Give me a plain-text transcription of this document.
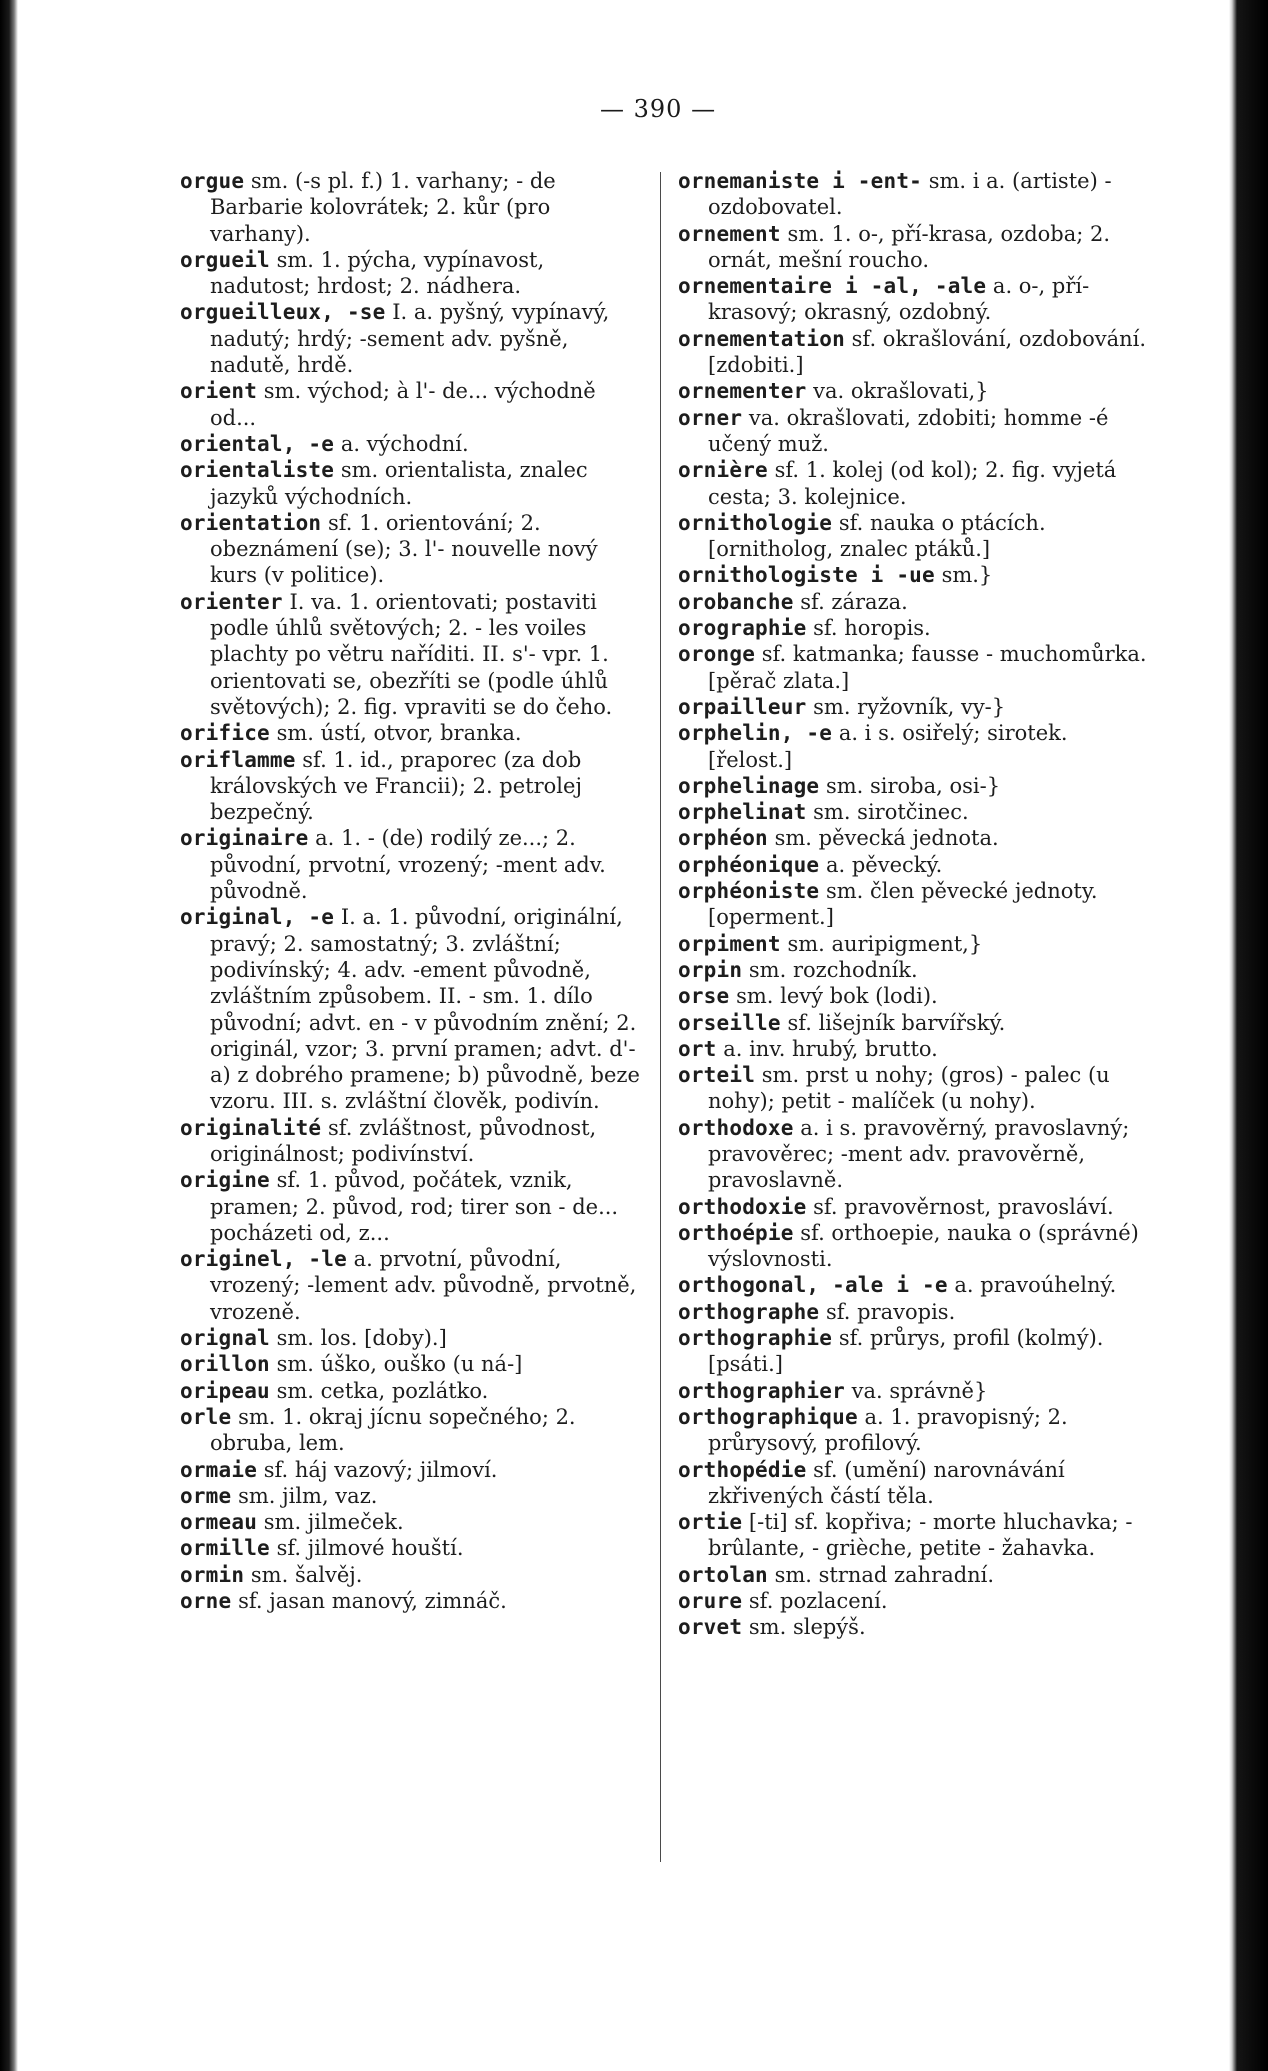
— 390 —

orgue sm. (-s pl. f.) 1. varhany; - de Barbarie kolovrátek; 2. kůr (pro varhany).

orgueil sm. 1. pýcha, vypínavost, nadutost; hrdost; 2. nádhera.

orgueilleux, -se I. a. pyšný, vypínavý, nadutý; hrdý; -sement adv. pyšně, nadutě, hrdě.

orient sm. východ; à l'- de... východně od...

oriental, -e a. východní.

orientaliste sm. orientalista, znalec jazyků východních.

orientation sf. 1. orientování; 2. obeznámení (se); 3. l'- nouvelle nový kurs (v politice).

orienter I. va. 1. orientovati; postaviti podle úhlů světových; 2. - les voiles plachty po větru naříditi. II. s'- vpr. 1. orientovati se, obezříti se (podle úhlů světových); 2. fig. vpraviti se do čeho.

orifice sm. ústí, otvor, branka.

oriflamme sf. 1. id., praporec (za dob královských ve Francii); 2. petrolej bezpečný.

originaire a. 1. - (de) rodilý ze...; 2. původní, prvotní, vrozený; -ment adv. původně.

original, -e I. a. 1. původní, originální, pravý; 2. samostatný; 3. zvláštní; podivínský; 4. adv. -ement původně, zvláštním způsobem. II. - sm. 1. dílo původní; advt. en - v původním znění; 2. originál, vzor; 3. první pramen; advt. d'- a) z dobrého pramene; b) původně, beze vzoru. III. s. zvláštní člověk, podivín.

originalité sf. zvláštnost, původnost, originálnost; podivínství.

origine sf. 1. původ, počátek, vznik, pramen; 2. původ, rod; tirer son - de... pocházeti od, z...

originel, -le a. prvotní, původní, vrozený; -lement adv. původně, prvotně, vrozeně.

orignal sm. los. [doby).]

orillon sm. úško, ouško (u ná-]

oripeau sm. cetka, pozlátko.

orle sm. 1. okraj jícnu sopečného; 2. obruba, lem.

ormaie sf. háj vazový; jilmoví.

orme sm. jilm, vaz.

ormeau sm. jilmeček.

ormille sf. jilmové houští.

ormin sm. šalvěj.

orne sf. jasan manový, zimnáč.

ornemaniste i -ent- sm. i a. (artiste) - ozdobovatel.

ornement sm. 1. o-, pří-krasa, ozdoba; 2. ornát, mešní roucho.

ornementaire i -al, -ale a. o-, pří-krasový; okrasný, ozdobný.

ornementation sf. okrašlování, ozdobování. [zdobiti.]

ornementer va. okrašlovati,}

orner va. okrašlovati, zdobiti; homme -é učený muž.

ornière sf. 1. kolej (od kol); 2. fig. vyjetá cesta; 3. kolejnice.

ornithologie sf. nauka o ptácích. [ornitholog, znalec ptáků.]

ornithologiste i -ue sm.}

orobanche sf. záraza.

orographie sf. horopis.

oronge sf. katmanka; fausse - muchomůrka. [pěrač zlata.]

orpailleur sm. ryžovník, vy-}

orphelin, -e a. i s. osiřelý; sirotek. [řelost.]

orphelinage sm. siroba, osi-}

orphelinat sm. sirotčinec.

orphéon sm. pěvecká jednota.

orphéonique a. pěvecký.

orphéoniste sm. člen pěvecké jednoty. [operment.]

orpiment sm. auripigment,}

orpin sm. rozchodník.

orse sm. levý bok (lodi).

orseille sf. lišejník barvířský.

ort a. inv. hrubý, brutto.

orteil sm. prst u nohy; (gros) - palec (u nohy); petit - malíček (u nohy).

orthodoxe a. i s. pravověrný, pravoslavný; pravověrec; -ment adv. pravověrně, pravoslavně.

orthodoxie sf. pravověrnost, pravosláví.

orthoépie sf. orthoepie, nauka o (správné) výslovnosti.

orthogonal, -ale i -e a. pravoúhelný.

orthographe sf. pravopis.

orthographie sf. průrys, profil (kolmý). [psáti.]

orthographier va. správně}

orthographique a. 1. pravopisný; 2. průrysový, profilový.

orthopédie sf. (umění) narovnávání zkřivených částí těla.

ortie [-ti] sf. kopřiva; - morte hluchavka; - brûlante, - grièche, petite - žahavka.

ortolan sm. strnad zahradní.

orure sf. pozlacení.

orvet sm. slepýš.
